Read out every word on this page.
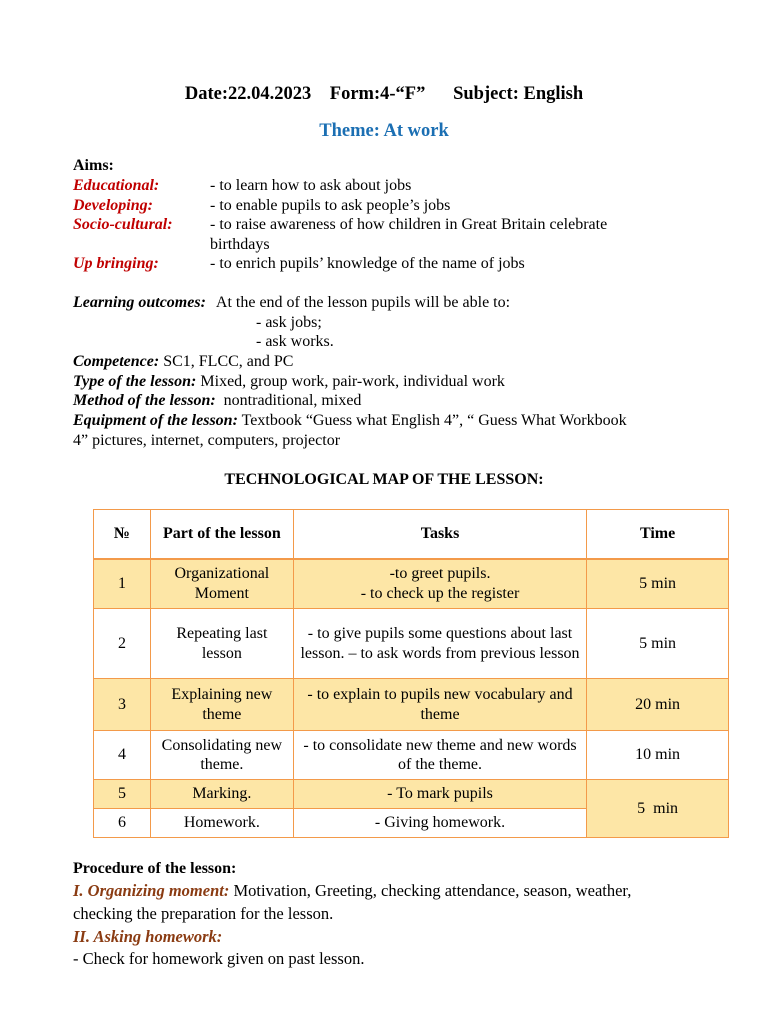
Date:22.04.2023 Form:4-“F” Subject: English
Theme: At work
Aims:
Educational:	- to learn how to ask about jobs
Developing:	- to enable pupils to ask people’s jobs
Socio-cultural: - to raise awareness of how children in Great Britain celebrate
birthdays
Up bringing:	- to enrich pupils’ knowledge of the name of jobs
Learning outcomes: At the end of the lesson pupils will be able to:
- ask jobs;
- ask works.
Competence: SC1, FLCC, and PC
Type of the lesson: Mixed, group work, pair-work, individual work
Method of the lesson: nontraditional, mixed
Equipment of the lesson: Textbook “Guess what English 4”, “ Guess What Workbook
4” pictures, internet, computers, projector
TECHNOLOGICAL MAP OF THE LESSON:
№	Part of the lesson	Tasks	Time
1	Organizational Moment	-to greet pupils.
- to check up the register	5 min
2	Repeating last lesson	- to give pupils some questions about last lesson. – to ask words from previous lesson	5 min
3	Explaining new theme	- to explain to pupils new vocabulary and theme	20 min
4	Consolidating new theme.	- to consolidate new theme and new words of the theme.	10 min
5	Marking.	- To mark pupils	5  min
6	Homework.	- Giving homework.	
Procedure of the lesson:
I. Organizing moment: Motivation, Greeting, checking attendance, season, weather,
checking the preparation for the lesson.
II. Asking homework:
- Check for homework given on past lesson.
